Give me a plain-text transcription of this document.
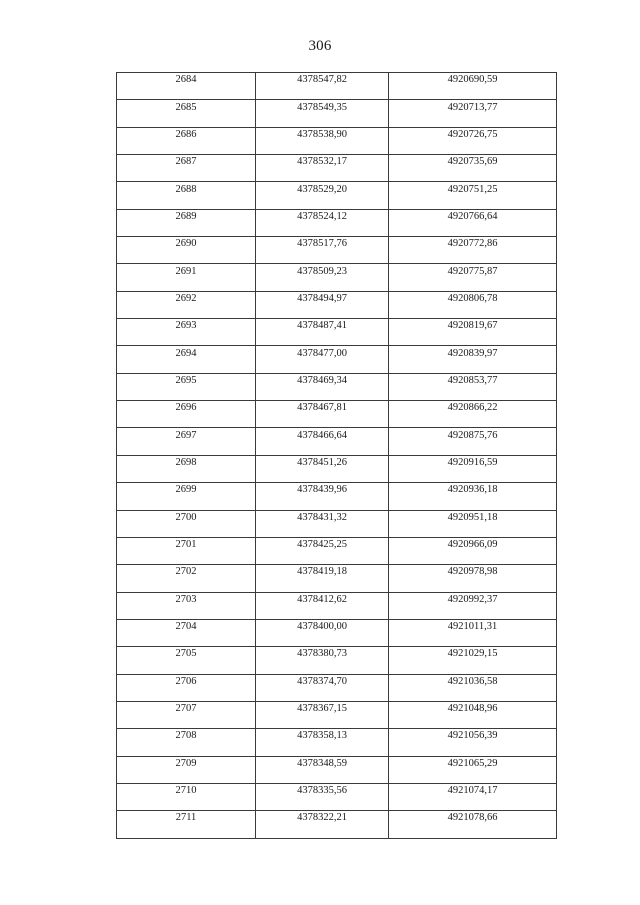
306
2684	4378547,82	4920690,59
2685	4378549,35	4920713,77
2686	4378538,90	4920726,75
2687	4378532,17	4920735,69
2688	4378529,20	4920751,25
2689	4378524,12	4920766,64
2690	4378517,76	4920772,86
2691	4378509,23	4920775,87
2692	4378494,97	4920806,78
2693	4378487,41	4920819,67
2694	4378477,00	4920839,97
2695	4378469,34	4920853,77
2696	4378467,81	4920866,22
2697	4378466,64	4920875,76
2698	4378451,26	4920916,59
2699	4378439,96	4920936,18
2700	4378431,32	4920951,18
2701	4378425,25	4920966,09
2702	4378419,18	4920978,98
2703	4378412,62	4920992,37
2704	4378400,00	4921011,31
2705	4378380,73	4921029,15
2706	4378374,70	4921036,58
2707	4378367,15	4921048,96
2708	4378358,13	4921056,39
2709	4378348,59	4921065,29
2710	4378335,56	4921074,17
2711	4378322,21	4921078,66
